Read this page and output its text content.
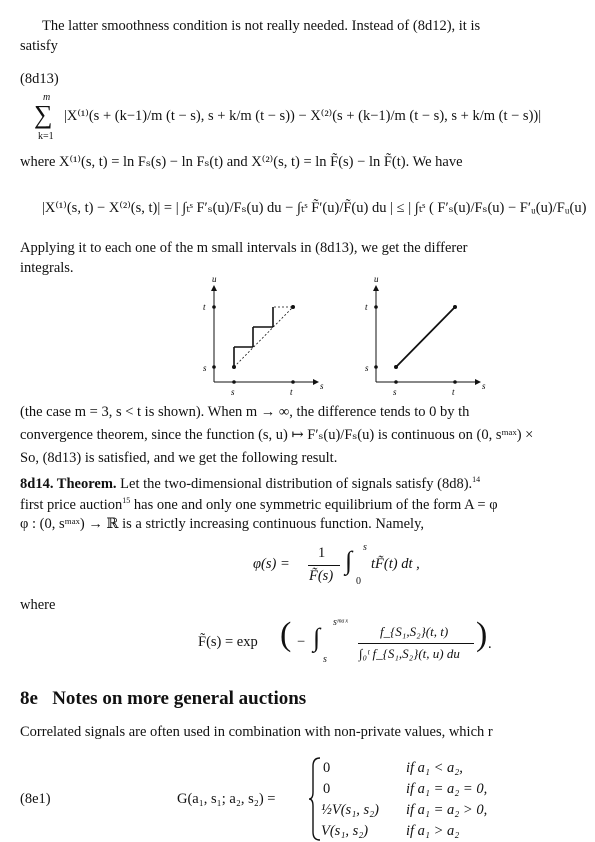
The latter smoothness condition is not really needed. Instead of (8d12), it is
satisfy
(8d13)
m
∑
k=1
|X⁽¹⁾(s + (k−1)/m (t − s), s + k/m (t − s)) − X⁽²⁾(s + (k−1)/m (t − s), s + k/m (t − s))|
where X⁽¹⁾(s, t) = ln Fₛ(s) − ln Fₛ(t) and X⁽²⁾(s, t) = ln F̃(s) − ln F̃(t). We have
|X⁽¹⁾(s, t) − X⁽²⁾(s, t)| = | ∫ₜˢ F′ₛ(u)/Fₛ(u) du − ∫ₜˢ F̃′(u)/F̃(u) du | ≤ | ∫ₜˢ ( F′ₛ(u)/Fₛ(u) − F′ᵤ(u)/Fᵤ(u)
Applying it to each one of the m small intervals in (8d13), we get the differer
integrals.
u
s
t
s
s	t
u
s
t
s
s	t
(the case m = 3, s < t is shown). When m → ∞, the difference tends to 0 by th
convergence theorem, since the function (s, u) ↦ F′ₛ(u)/Fₛ(u) is continuous on (0, sᵐᵃˣ) ×
So, (8d13) is satisfied, and we get the following result.
8d14. Theorem. Let the two-dimensional distribution of signals satisfy (8d8).$^{14}$
first price auction$^{15}$ has one and only one symmetric equilibrium of the form A = φ
φ : (0, sᵐᵃˣ) → ℝ is a strictly increasing continuous function. Namely,
φ(s) =
1
F̃(s)
∫ s
0
tF̃(t) dt ,
where
F̃(s) = exp ( − ∫
sᵐᵃˣ
s
f_{S₁,S₂}(t, t)
∫₀ᵗ f_{S₁,S₂}(t, u) du
) .
8e Notes on more general auctions
Correlated signals are often used in combination with non-private values, which r
(8e1)	G(a₁, s₁; a₂, s₂) =
0	if a₁ < a₂,
0	if a₁ = a₂ = 0,
½V(s₁, s₂) if a₁ = a₂ > 0,
V(s₁, s₂)	if a₁ > a₂
